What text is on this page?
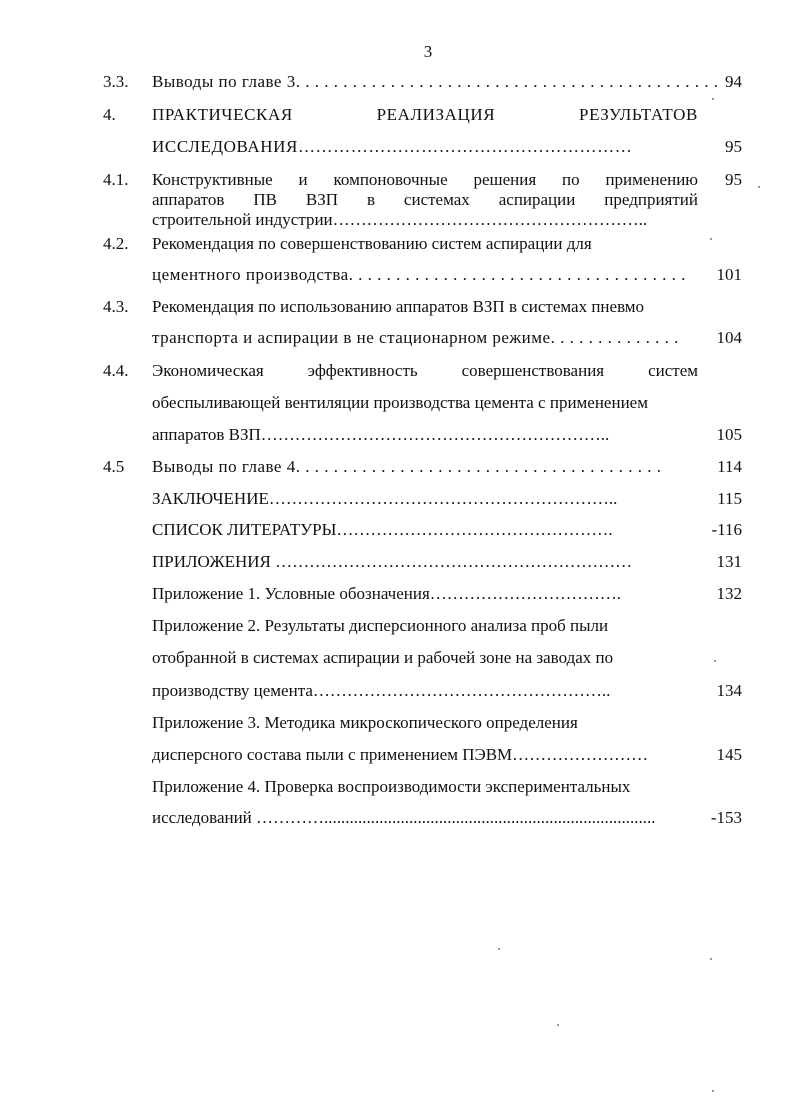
3
3.3. Выводы по главе 3. . . . . . . . . . . . . . . . . . . . . . . . . . . . . . . . . . . . . . . . . . . . . 94
4. ПРАКТИЧЕСКАЯ	РЕАЛИЗАЦИЯ	РЕЗУЛЬТАТОВ
ИССЛЕДОВАНИЯ…………………………………………………	95
4.1. Конструктивные и компоновочные решения по применению	95
аппаратов ПВ ВЗП в системах аспирации предприятий
строительной индустрии………………………………………………..
4.2. Рекомендация по совершенствованию систем аспирации для
цементного производства. . . . . . . . . . . . . . . . . . . . . . . . . . . . . . . . . . . .	101
4.3. Рекомендация по использованию аппаратов ВЗП в системах пневмо
транспорта и аспирации в не стационарном режиме. . . . . . . . . . . . . .	104
4.4. Экономическая эффективность совершенствования систем
обеспыливающей вентиляции производства цемента с применением
аппаратов ВЗП……………………………………………………..	105
4.5 Выводы по главе 4. . . . . . . . . . . . . . . . . . . . . . . . . . . . . . . . . . . . . . .	114
ЗАКЛЮЧЕНИЕ……………………………………………………..	115
СПИСОК ЛИТЕРАТУРЫ………………………………………….	-116
ПРИЛОЖЕНИЯ ………………………………………………………	131
Приложение 1. Условные обозначения…………………………….	132
Приложение 2. Результаты дисперсионного анализа проб пыли
отобранной в системах аспирации и рабочей зоне на заводах по
производству цемента……………………………………………..	134
Приложение 3. Методика микроскопического определения
дисперсного состава пыли с применением ПЭВМ……………………	145
Приложение 4. Проверка воспроизводимости экспериментальных
исследований …………..............................................................................	-153
